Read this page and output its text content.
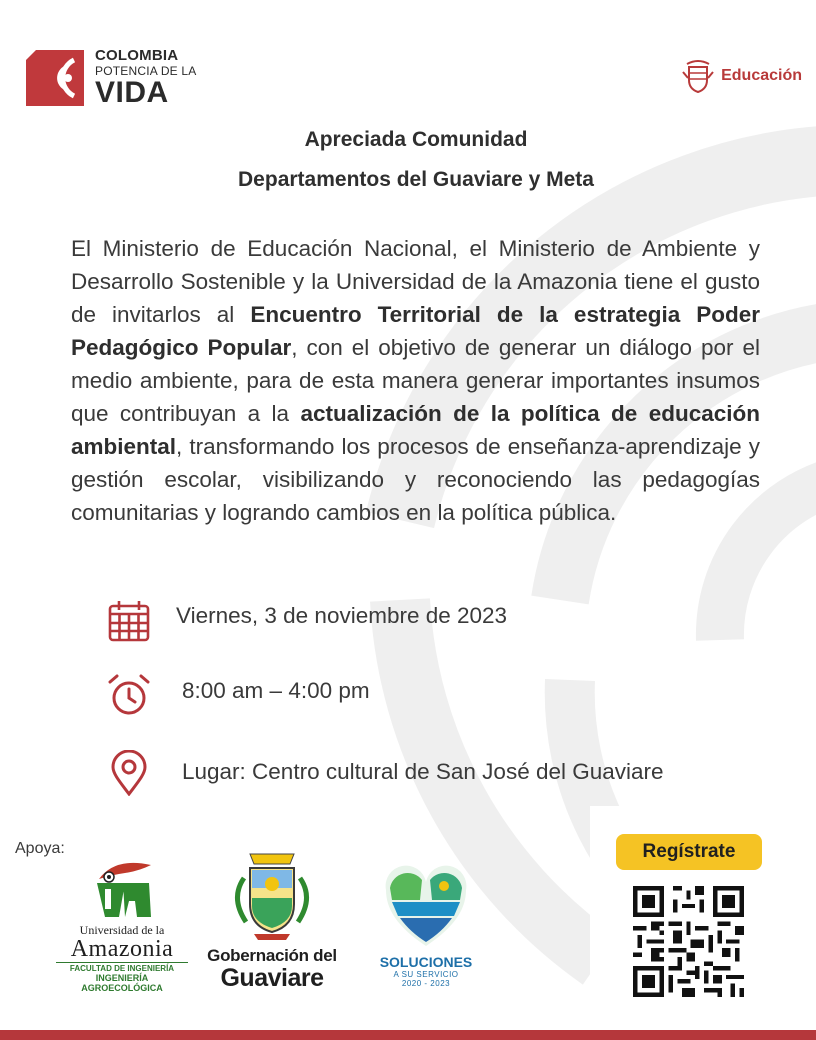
COLOMBIA
POTENCIA DE LA
VIDA
Educación
Apreciada Comunidad
Departamentos del Guaviare y Meta
El Ministerio de Educación Nacional, el Ministerio de Ambiente y Desarrollo Sostenible y la Universidad de la Amazonia tiene el gusto de invitarlos al Encuentro Territorial de la estrategia Poder Pedagógico Popular, con el objetivo de generar un diálogo por el medio ambiente, para de esta manera generar importantes insumos que contribuyan a la actualización de la política de educación ambiental, transformando los procesos de enseñanza-aprendizaje y gestión escolar, visibilizando y reconociendo las pedagogías comunitarias y logrando cambios en la política pública.
Viernes, 3 de noviembre de 2023
8:00 am – 4:00 pm
Lugar: Centro cultural de San José del Guaviare
Apoya:
Universidad de la
Amazonia
FACULTAD DE INGENIERÍA
INGENIERÍA
AGROECOLÓGICA
Gobernación del
Guaviare
SOLUCIONES
A SU SERVICIO
2020 - 2023
Regístrate
